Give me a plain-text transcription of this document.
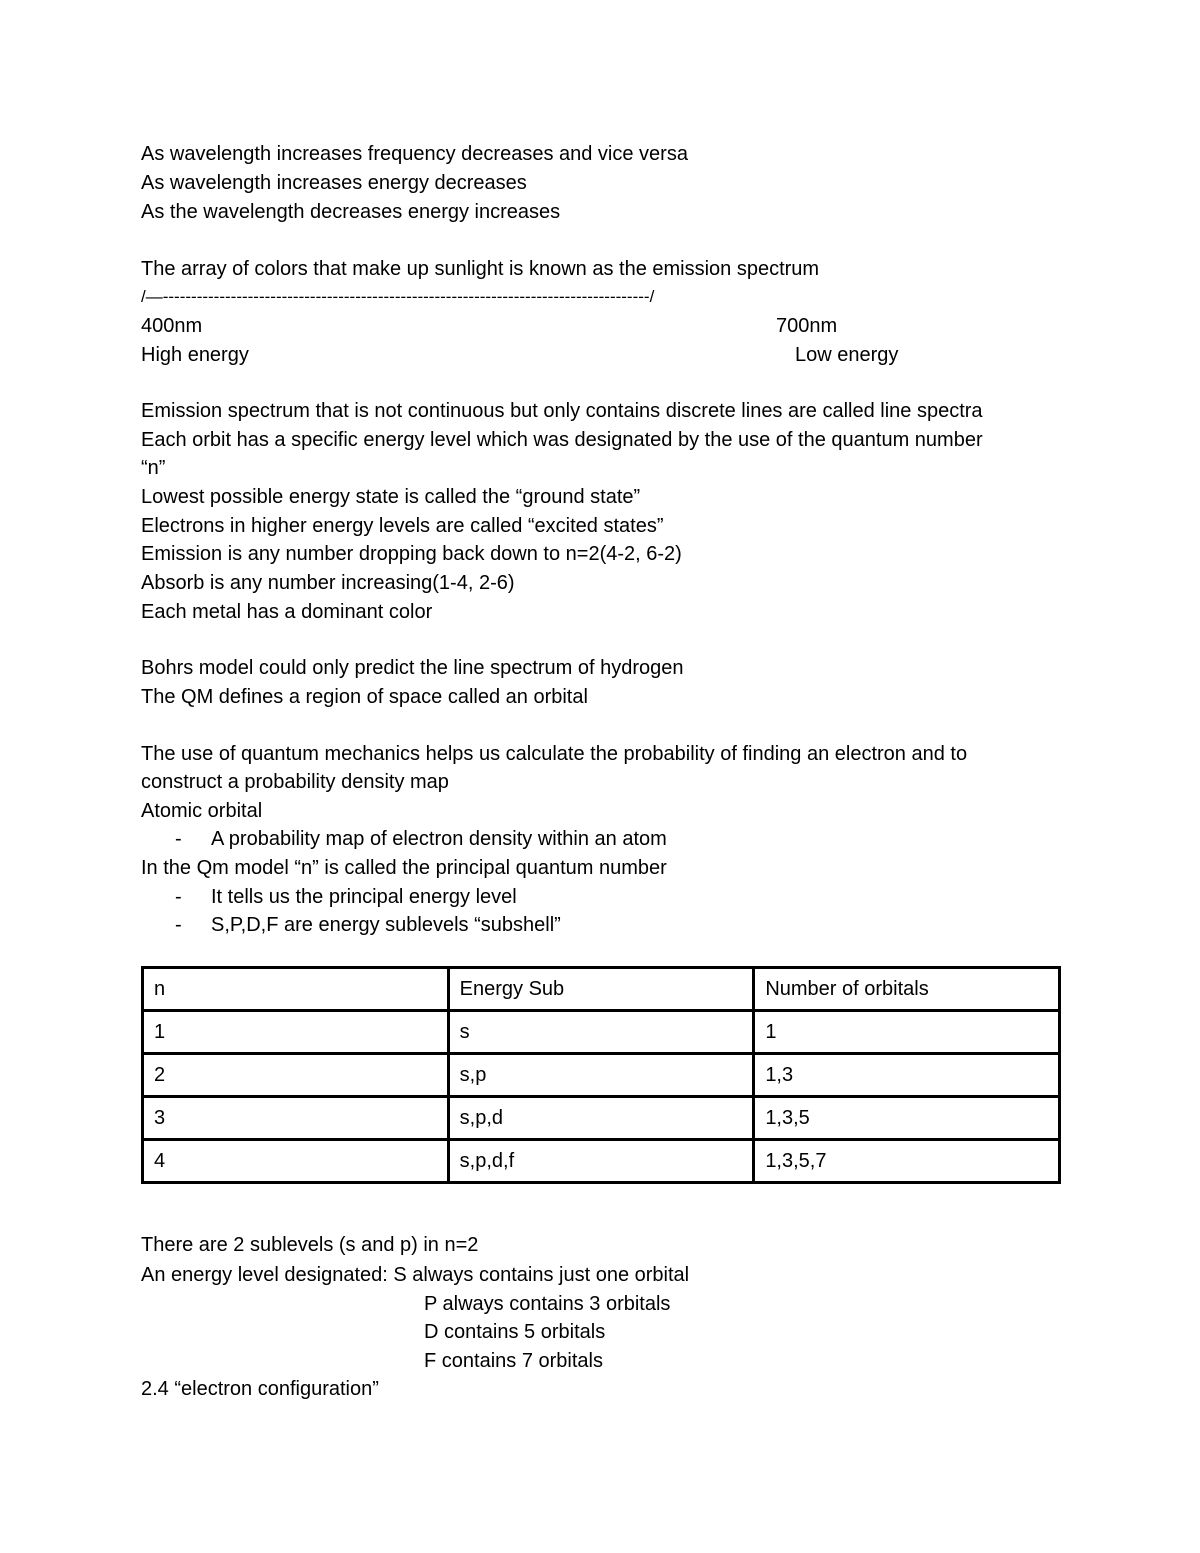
As wavelength increases frequency decreases and vice versa
As wavelength increases energy decreases
As the wavelength decreases energy increases
The array of colors that make up sunlight is known as the emission spectrum
/—--------------------------------------------------------------------------------------/
400nm	700nm
High energy	Low energy
Emission spectrum that is not continuous but only contains discrete lines are called line spectra
Each orbit has a specific energy level which was designated by the use of the quantum number
“n”
Lowest possible energy state is called the “ground state”
Electrons in higher energy levels are called “excited states”
Emission is any number dropping back down to n=2(4-2, 6-2)
Absorb is any number increasing(1-4, 2-6)
Each metal has a dominant color
Bohrs model could only predict the line spectrum of hydrogen
The QM defines a region of space called an orbital
The use of quantum mechanics helps us calculate the probability of finding an electron and to
construct a probability density map
Atomic orbital
- A probability map of electron density within an atom
In the Qm model “n” is called the principal quantum number
- It tells us the principal energy level
- S,P,D,F are energy sublevels “subshell”
n	Energy Sub	Number of orbitals
1	s	1
2	s,p	1,3
3	s,p,d	1,3,5
4	s,p,d,f	1,3,5,7
There are 2 sublevels (s and p) in n=2
An energy level designated: S always contains just one orbital
P always contains 3 orbitals
D contains 5 orbitals
F contains 7 orbitals
2.4 “electron configuration”
